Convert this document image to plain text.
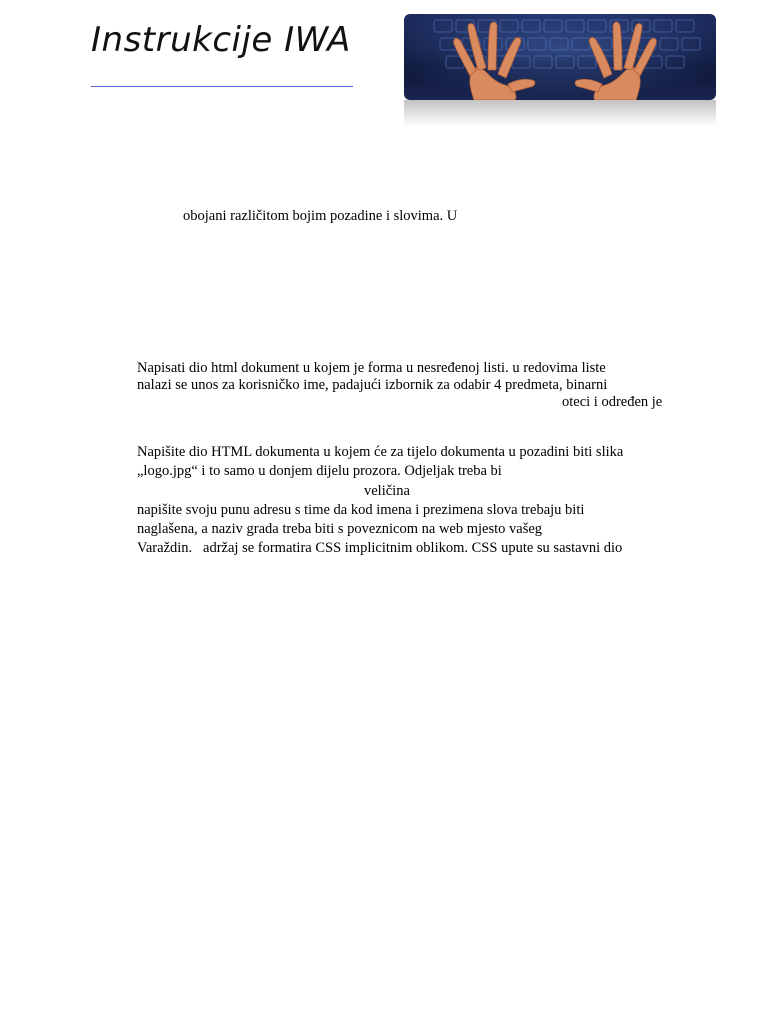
Instrukcije IWA
obojani različitom bojim pozadine i slovima. U
Napisati dio html dokument u kojem je forma u nesređenoj listi. u redovima liste
nalazi se unos za korisničko ime, padajući izbornik za odabir 4 predmeta, binarni
oteci i određen je
Napišite dio HTML dokumenta u kojem će za tijelo dokumenta u pozadini biti slika
„logo.jpg“ i to samo u donjem dijelu prozora. Odjeljak treba bi
veličina
napišite svoju punu adresu s time da kod imena i prezimena slova trebaju biti
naglašena, a naziv grada treba biti s poveznicom na web mjesto vašeg
Varaždin.   adržaj se formatira CSS implicitnim oblikom. CSS upute su sastavni dio
